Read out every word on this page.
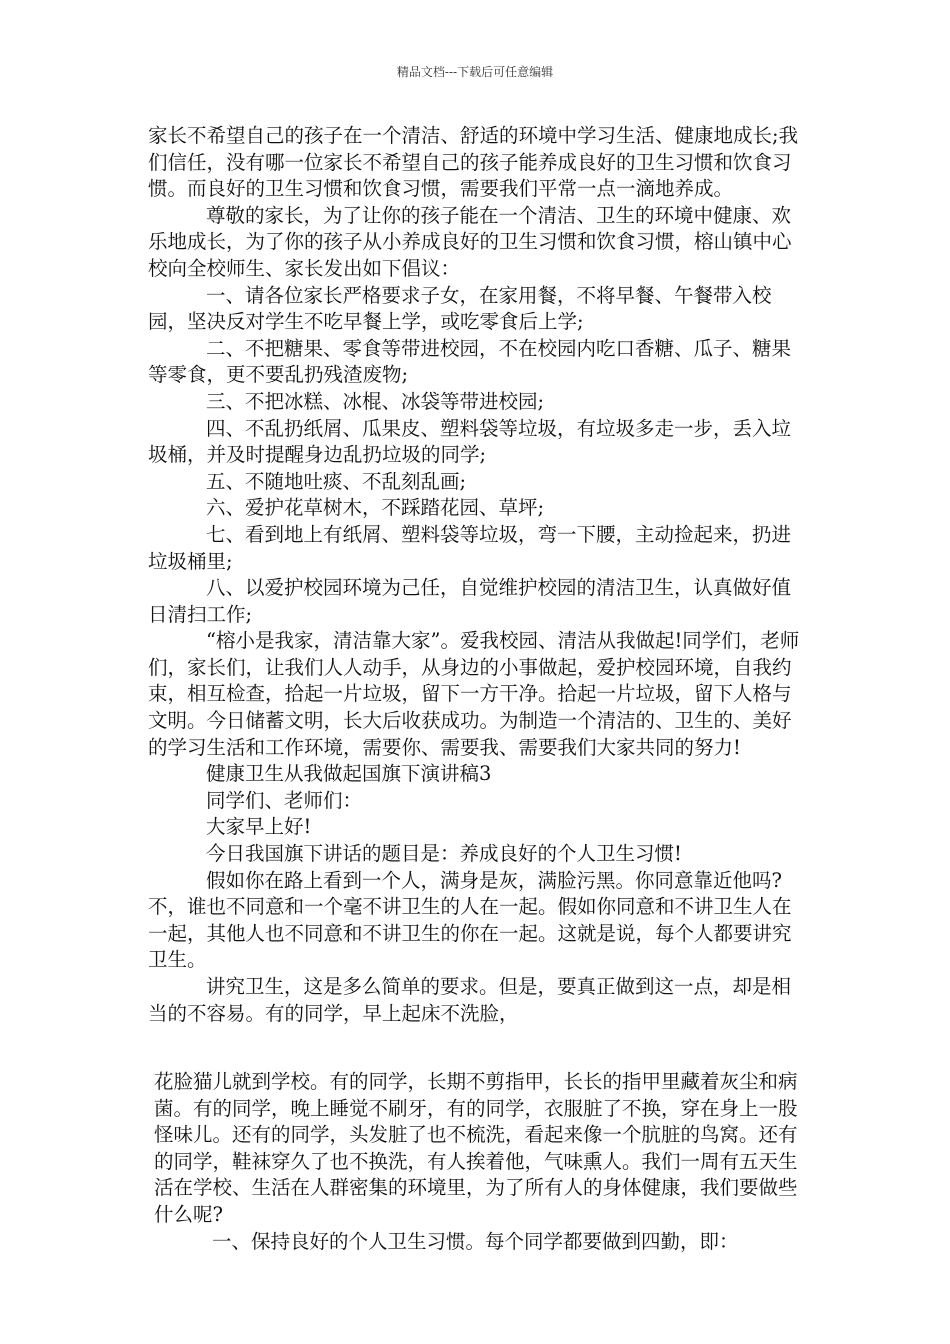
精品文档---下载后可任意编辑

家长不希望自己的孩子在一个清洁、舒适的环境中学习生活、健康地成长;我们信任，没有哪一位家长不希望自己的孩子能养成良好的卫生习惯和饮食习惯。而良好的卫生习惯和饮食习惯，需要我们平常一点一滴地养成。

尊敬的家长，为了让你的孩子能在一个清洁、卫生的环境中健康、欢乐地成长，为了你的孩子从小养成良好的卫生习惯和饮食习惯，榕山镇中心校向全校师生、家长发出如下倡议：

一、请各位家长严格要求子女，在家用餐，不将早餐、午餐带入校园，坚决反对学生不吃早餐上学，或吃零食后上学;

二、不把糖果、零食等带进校园，不在校园内吃口香糖、瓜子、糖果等零食，更不要乱扔残渣废物;

三、不把冰糕、冰棍、冰袋等带进校园;

四、不乱扔纸屑、瓜果皮、塑料袋等垃圾，有垃圾多走一步，丢入垃圾桶，并及时提醒身边乱扔垃圾的同学;

五、不随地吐痰、不乱刻乱画;

六、爱护花草树木，不踩踏花园、草坪;

七、看到地上有纸屑、塑料袋等垃圾，弯一下腰，主动捡起来，扔进垃圾桶里;

八、以爱护校园环境为己任，自觉维护校园的清洁卫生，认真做好值日清扫工作;

“榕小是我家，清洁靠大家”。爱我校园、清洁从我做起!同学们，老师们，家长们，让我们人人动手，从身边的小事做起，爱护校园环境，自我约束，相互检查，拾起一片垃圾，留下一方干净。拾起一片垃圾，留下人格与文明。今日储蓄文明，长大后收获成功。为制造一个清洁的、卫生的、美好的学习生活和工作环境，需要你、需要我、需要我们大家共同的努力!

健康卫生从我做起国旗下演讲稿3

同学们、老师们：

大家早上好!

今日我国旗下讲话的题目是：养成良好的个人卫生习惯!

假如你在路上看到一个人，满身是灰，满脸污黑。你同意靠近他吗?不，谁也不同意和一个毫不讲卫生的人在一起。假如你同意和不讲卫生人在一起，其他人也不同意和不讲卫生的你在一起。这就是说，每个人都要讲究卫生。

讲究卫生，这是多么简单的要求。但是，要真正做到这一点，却是相当的不容易。有的同学，早上起床不洗脸，

花脸猫儿就到学校。有的同学，长期不剪指甲，长长的指甲里藏着灰尘和病菌。有的同学，晚上睡觉不刷牙，有的同学，衣服脏了不换，穿在身上一股怪味儿。还有的同学，头发脏了也不梳洗，看起来像一个肮脏的鸟窝。还有的同学，鞋袜穿久了也不换洗，有人挨着他，气味熏人。我们一周有五天生活在学校、生活在人群密集的环境里，为了所有人的身体健康，我们要做些什么呢?

一、保持良好的个人卫生习惯。每个同学都要做到四勤，即：
